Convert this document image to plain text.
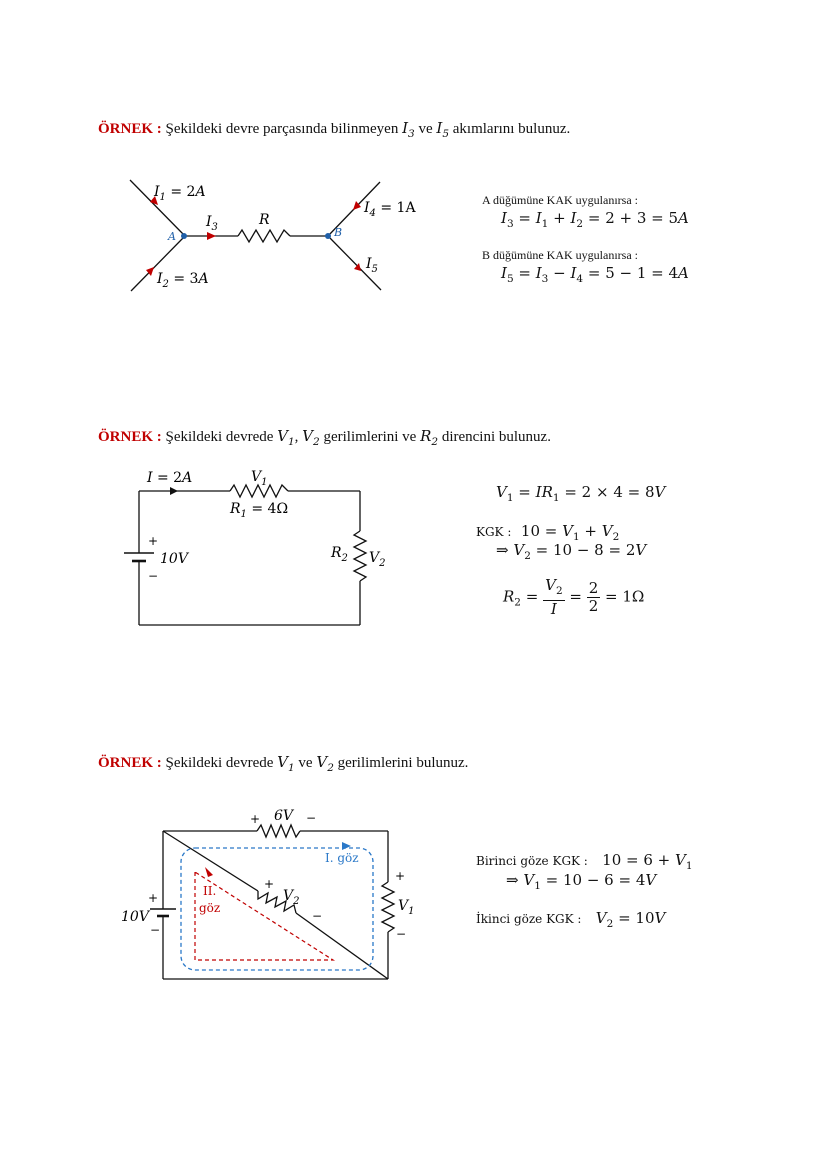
ÖRNEK : Şekildeki devre parçasında bilinmeyen $I_3$ ve $I_5$ akımlarını bulunuz.
A	B
$I_1 = 2A$
$I_2 = 3A$
$I_3$	R
$I_4 = 1A$
$I_5$
A düğümüne KAK uygulanırsa :
$I_3 = I_1 + I_2 = 2 + 3 = 5A$
B düğümüne KAK uygulanırsa :
$I_5 = I_3 - I_4 = 5 - 1 = 4A$
ÖRNEK : Şekildeki devrede $V_1$, $V_2$ gerilimlerini ve $R_2$ direncini bulunuz.
I = 2A	$V_1$
$R_1 = 4\Omega$
+
10V
−
$R_2$ $V_2$
$V_1 = IR_1 = 2 \times 4 = 8V$
KGK :  $10 = V_1 + V_2$
⇒ $V_2 = 10 - 8 = 2V$
$R_2 = \frac{V_2}{I} = \frac{2}{2} = 1\Omega$
ÖRNEK : Şekildeki devrede $V_1$ ve $V_2$ gerilimlerini bulunuz.
+ 6V −
I. göz
II.
göz
+
10V
−
+
$V_2$
−
+
$V_1$
−
Birinci göze KGK :   $10 = 6 + V_1$
⇒ $V_1 = 10 - 6 = 4V$
İkinci göze KGK : $V_2 = 10V$
